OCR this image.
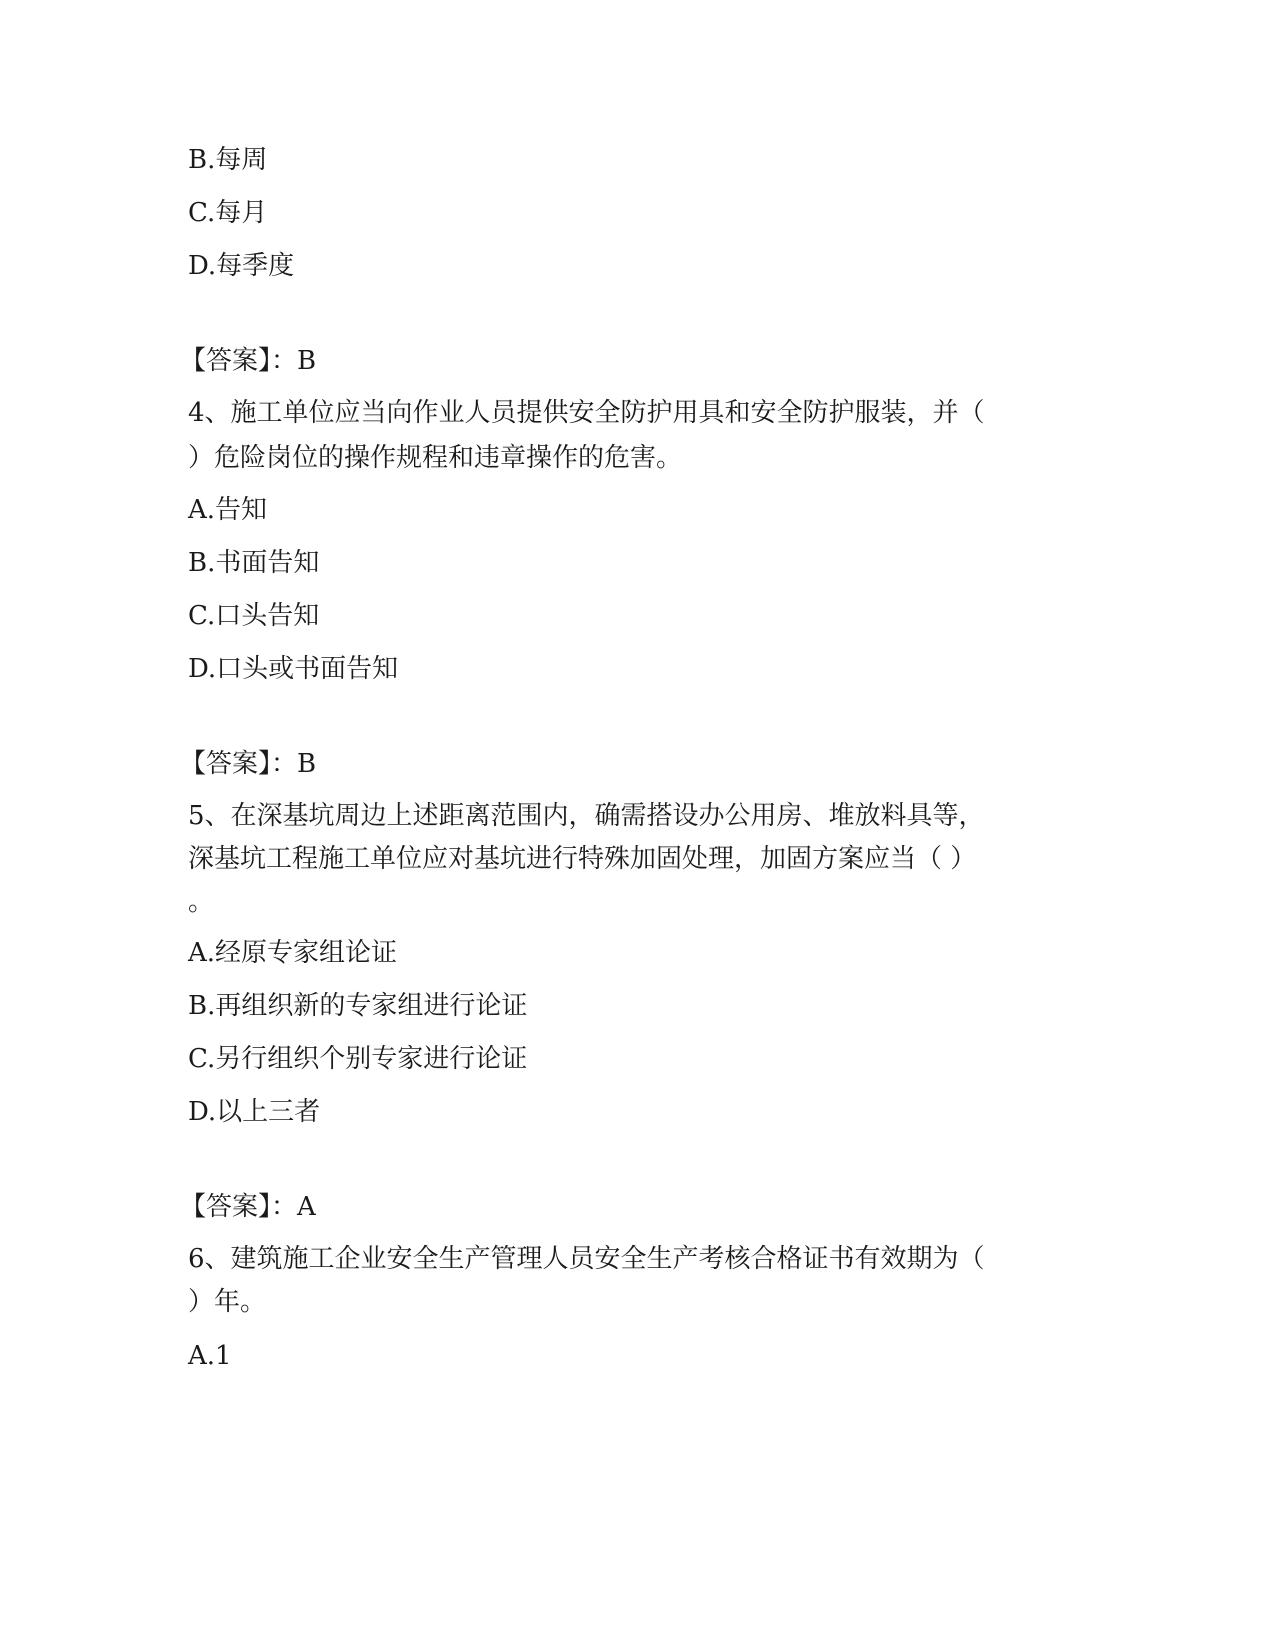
B.每周
C.每月
D.每季度
【答案】：B
4、施工单位应当向作业人员提供安全防护用具和安全防护服装，并（
）危险岗位的操作规程和违章操作的危害。
A.告知
B.书面告知
C.口头告知
D.口头或书面告知
【答案】：B
5、在深基坑周边上述距离范围内，确需搭设办公用房、堆放料具等，
深基坑工程施工单位应对基坑进行特殊加固处理，加固方案应当（ ）
。
A.经原专家组论证
B.再组织新的专家组进行论证
C.另行组织个别专家进行论证
D.以上三者
【答案】：A
6、建筑施工企业安全生产管理人员安全生产考核合格证书有效期为（
）年。
A.1
